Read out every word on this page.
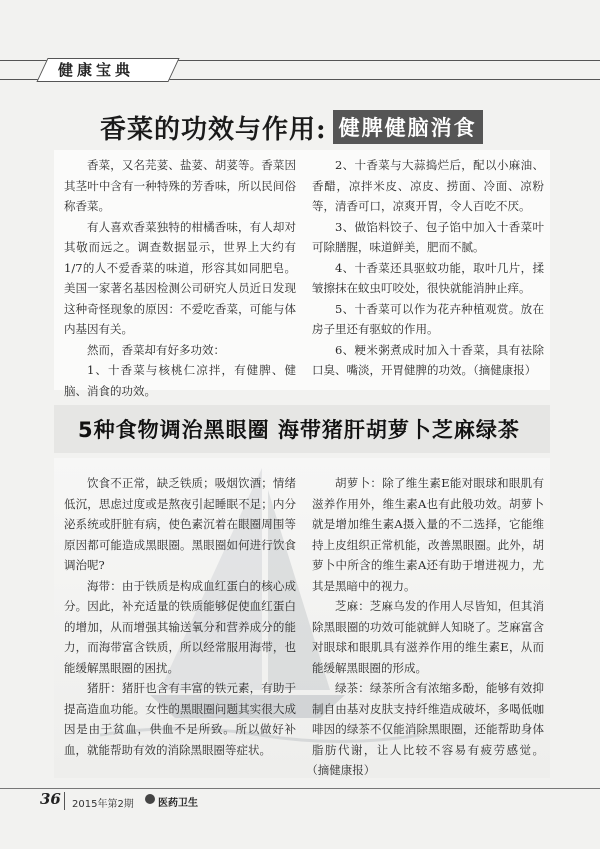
健康宝典
香菜的功效与作用: 健脾健脑消食

香菜，又名芫荽、盐荽、胡荽等。香菜因其茎叶中含有一种特殊的芳香味，所以民间俗称香菜。

有人喜欢香菜独特的柑橘香味，有人却对其敬而远之。调查数据显示，世界上大约有1/7的人不爱香菜的味道，形容其如同肥皂。美国一家著名基因检测公司研究人员近日发现这种奇怪现象的原因：不爱吃香菜，可能与体内基因有关。

然而，香菜却有好多功效：

1、十香菜与核桃仁凉拌，有健脾、健脑、消食的功效。

2、十香菜与大蒜捣烂后，配以小麻油、香醋，凉拌米皮、凉皮、捞面、冷面、凉粉等，清香可口，凉爽开胃，令人百吃不厌。

3、做馅料饺子、包子馅中加入十香菜叶可除膳腥，味道鲜美，肥而不腻。

4、十香菜还具驱蚊功能，取叶几片，揉皱擦抹在蚊虫叮咬处，很快就能消肿止痒。

5、十香菜可以作为花卉种植观赏。放在房子里还有驱蚊的作用。

6、粳米粥煮成时加入十香菜，具有祛除口臭、嘴淡，开胃健脾的功效。（摘健康报）

5种食物调治黑眼圈 海带猪肝胡萝卜芝麻绿茶

饮食不正常，缺乏铁质；吸烟饮酒；情绪低沉，思虑过度或是熬夜引起睡眠不足；内分泌系统或肝脏有病，使色素沉着在眼圈周围等原因都可能造成黑眼圈。黑眼圈如何进行饮食调治呢?

海带：由于铁质是构成血红蛋白的核心成分。因此，补充适量的铁质能够促使血红蛋白的增加，从而增强其输送氧分和营养成分的能力，而海带富含铁质，所以经常服用海带，也能缓解黑眼圈的困扰。

猪肝：猪肝也含有丰富的铁元素，有助于提高造血功能。女性的黑眼圈问题其实很大成因是由于贫血，供血不足所致。所以做好补血，就能帮助有效的消除黑眼圈等症状。

胡萝卜：除了维生素E能对眼球和眼肌有滋养作用外，维生素A也有此般功效。胡萝卜就是增加维生素A摄入量的不二选择，它能维持上皮组织正常机能，改善黑眼圈。此外，胡萝卜中所含的维生素A还有助于增进视力，尤其是黑暗中的视力。

芝麻：芝麻乌发的作用人尽皆知，但其消除黑眼圈的功效可能就鲜人知晓了。芝麻富含对眼球和眼肌具有滋养作用的维生素E，从而能缓解黑眼圈的形成。

绿茶：绿茶所含有浓缩多酚，能够有效抑制自由基对皮肤支持纤维造成破坏，多喝低咖啡因的绿茶不仅能消除黑眼圈，还能帮助身体脂肪代谢，让人比较不容易有疲劳感觉。（摘健康报）

36 2015年第2期 医药卫生
